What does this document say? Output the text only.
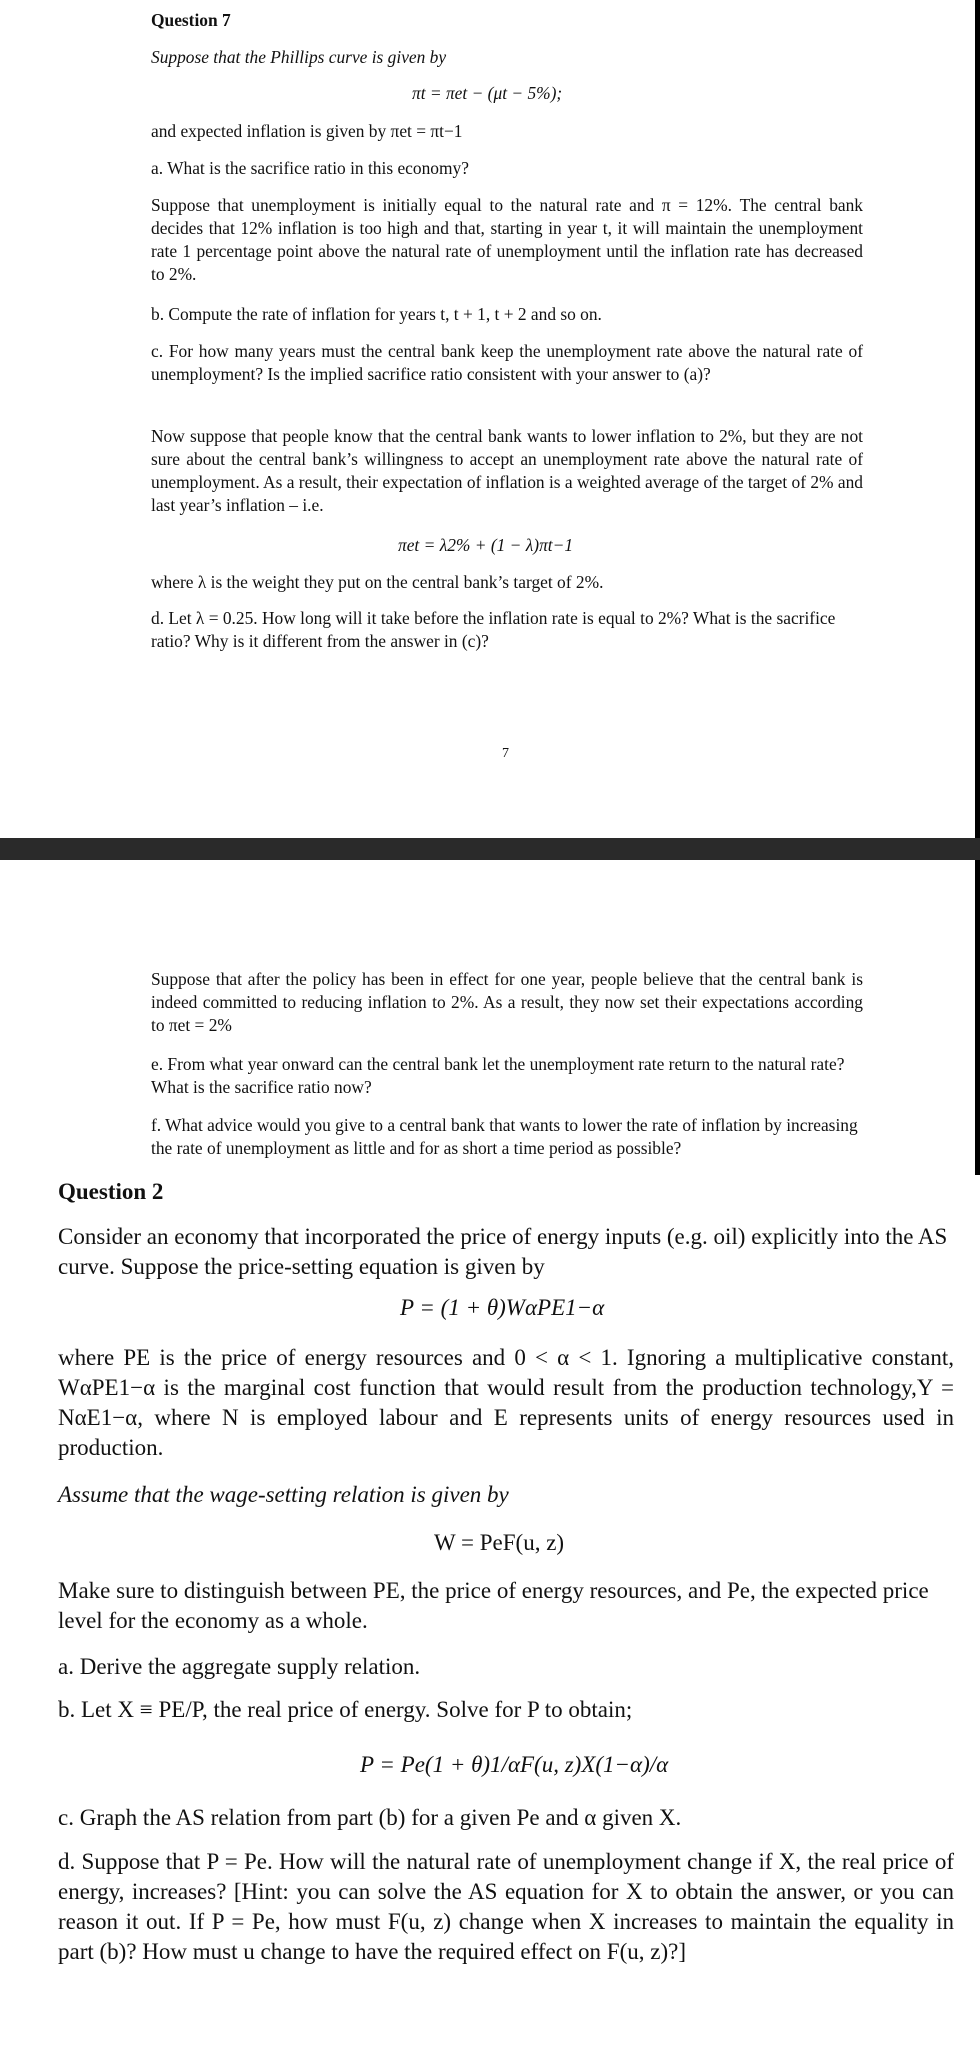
Question 7

Suppose that the Phillips curve is given by

πt = πet − (μt − 5%);

and expected inflation is given by πet = πt−1

a. What is the sacrifice ratio in this economy?

Suppose that unemployment is initially equal to the natural rate and π = 12%. The central bank decides that 12% inflation is too high and that, starting in year t, it will maintain the unemployment rate 1 percentage point above the natural rate of unemployment until the inflation rate has decreased to 2%.

b. Compute the rate of inflation for years t, t + 1, t + 2 and so on.

c. For how many years must the central bank keep the unemployment rate above the natural rate of unemployment? Is the implied sacrifice ratio consistent with your answer to (a)?

Now suppose that people know that the central bank wants to lower inflation to 2%, but they are not sure about the central bank’s willingness to accept an unemployment rate above the natural rate of unemployment. As a result, their expectation of inflation is a weighted average of the target of 2% and last year’s inflation – i.e.

πet = λ2% + (1 − λ)πt−1

where λ is the weight they put on the central bank’s target of 2%.

d. Let λ = 0.25. How long will it take before the inflation rate is equal to 2%? What is the sacrifice ratio? Why is it different from the answer in (c)?

7

Suppose that after the policy has been in effect for one year, people believe that the central bank is indeed committed to reducing inflation to 2%. As a result, they now set their expectations according to πet = 2%

e. From what year onward can the central bank let the unemployment rate return to the natural rate? What is the sacrifice ratio now?

f. What advice would you give to a central bank that wants to lower the rate of inflation by increasing the rate of unemployment as little and for as short a time period as possible?

Question 2

Consider an economy that incorporated the price of energy inputs (e.g. oil) explicitly into the AS curve. Suppose the price-setting equation is given by

P = (1 + θ)WαPE1−α

where PE is the price of energy resources and 0 < α < 1. Ignoring a multiplicative constant, WαPE1−α is the marginal cost function that would result from the production technology,Y = NαE1−α, where N is employed labour and E represents units of energy resources used in production.

Assume that the wage-setting relation is given by

W = PeF(u, z)

Make sure to distinguish between PE, the price of energy resources, and Pe, the expected price level for the economy as a whole.

a. Derive the aggregate supply relation.

b. Let X ≡ PE/P, the real price of energy. Solve for P to obtain;

P = Pe(1 + θ)1/αF(u, z)X(1−α)/α

c. Graph the AS relation from part (b) for a given Pe and α given X.

d. Suppose that P = Pe. How will the natural rate of unemployment change if X, the real price of energy, increases? [Hint: you can solve the AS equation for X to obtain the answer, or you can reason it out. If P = Pe, how must F(u, z) change when X increases to maintain the equality in part (b)? How must u change to have the required effect on F(u, z)?]
